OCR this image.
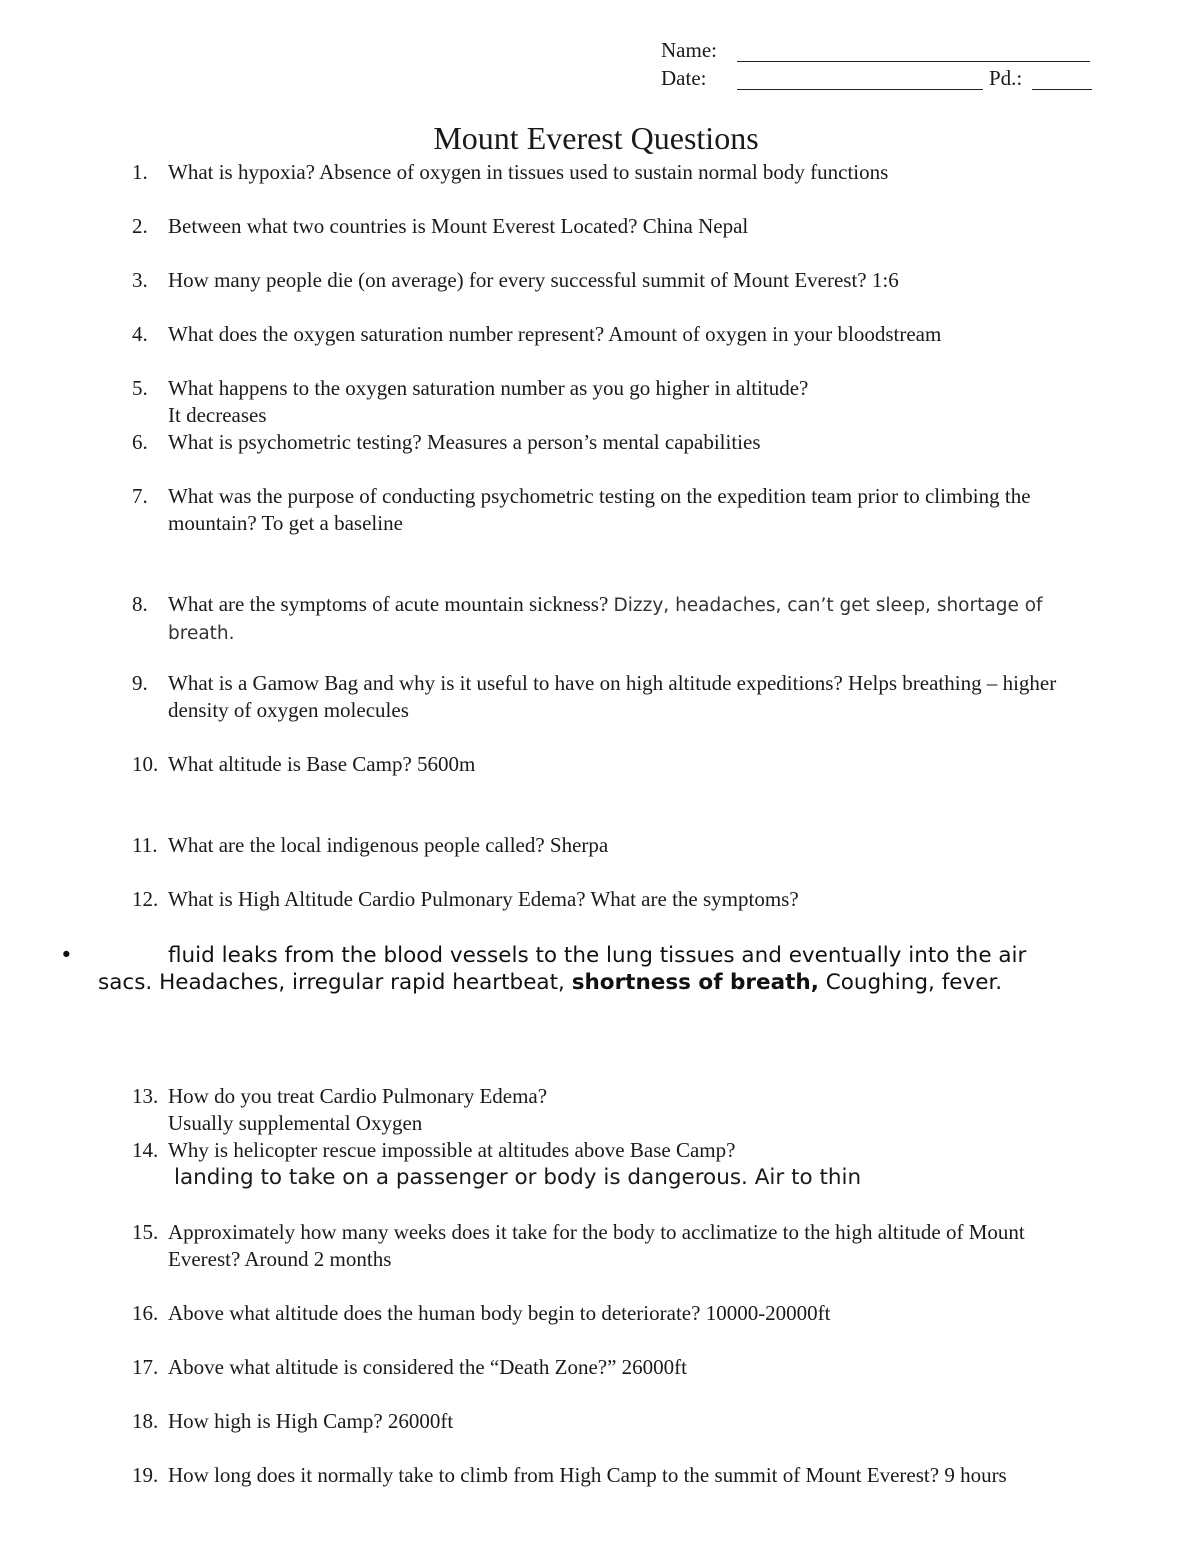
Name:
Date:	Pd.:
Mount Everest Questions
1. What is hypoxia? Absence of oxygen in tissues used to sustain normal body functions
2. Between what two countries is Mount Everest Located? China Nepal
3. How many people die (on average) for every successful summit of Mount Everest? 1:6
4. What does the oxygen saturation number represent? Amount of oxygen in your bloodstream
5. What happens to the oxygen saturation number as you go higher in altitude?
It decreases
6. What is psychometric testing? Measures a person’s mental capabilities
7. What was the purpose of conducting psychometric testing on the expedition team prior to climbing the mountain? To get a baseline
8. What are the symptoms of acute mountain sickness? Dizzy, headaches, can’t get sleep, shortage of breath.
9. What is a Gamow Bag and why is it useful to have on high altitude expeditions? Helps breathing – higher density of oxygen molecules
10. What altitude is Base Camp? 5600m
11. What are the local indigenous people called? Sherpa
12. What is High Altitude Cardio Pulmonary Edema? What are the symptoms?
•	fluid leaks from the blood vessels to the lung tissues and eventually into the air sacs. Headaches, irregular rapid heartbeat, shortness of breath, Coughing, fever.
13. How do you treat Cardio Pulmonary Edema?
Usually supplemental Oxygen
14. Why is helicopter rescue impossible at altitudes above Base Camp?
landing to take on a passenger or body is dangerous. Air to thin
15. Approximately how many weeks does it take for the body to acclimatize to the high altitude of Mount Everest? Around 2 months
16. Above what altitude does the human body begin to deteriorate? 10000-20000ft
17. Above what altitude is considered the “Death Zone?” 26000ft
18. How high is High Camp? 26000ft
19. How long does it normally take to climb from High Camp to the summit of Mount Everest? 9 hours
